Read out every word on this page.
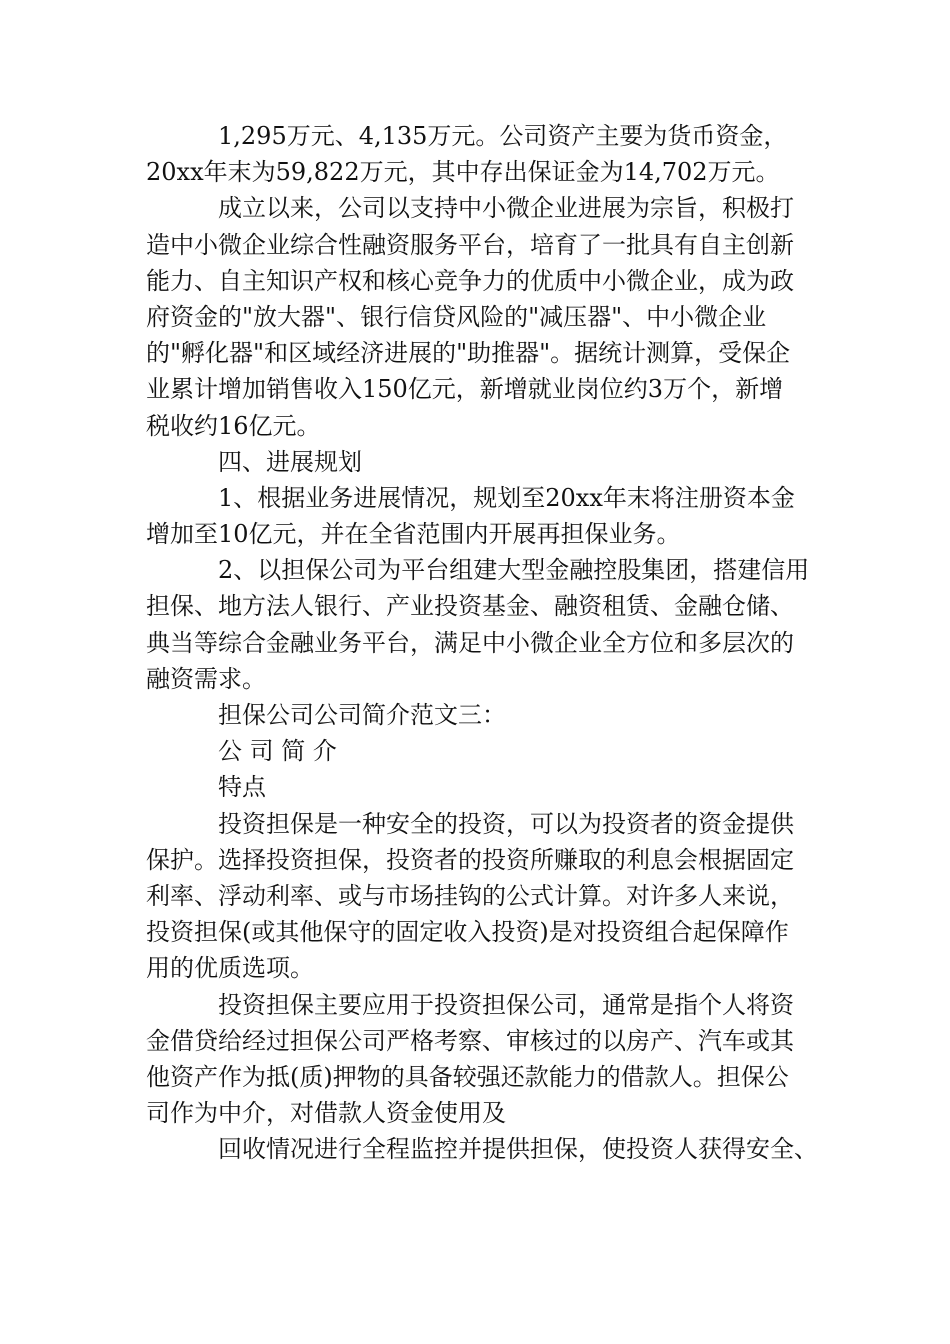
1,295万元、4,135万元。公司资产主要为货币资金，
20xx年末为59,822万元，其中存出保证金为14,702万元。
成立以来，公司以支持中小微企业进展为宗旨，积极打
造中小微企业综合性融资服务平台，培育了一批具有自主创新
能力、自主知识产权和核心竞争力的优质中小微企业，成为政
府资金的"放大器"、银行信贷风险的"减压器"、中小微企业
的"孵化器"和区域经济进展的"助推器"。据统计测算，受保企
业累计增加销售收入150亿元，新增就业岗位约3万个，新增
税收约16亿元。
四、进展规划
1、根据业务进展情况，规划至20xx年末将注册资本金
增加至10亿元，并在全省范围内开展再担保业务。
2、以担保公司为平台组建大型金融控股集团，搭建信用
担保、地方法人银行、产业投资基金、融资租赁、金融仓储、
典当等综合金融业务平台，满足中小微企业全方位和多层次的
融资需求。
担保公司公司简介范文三：
公 司 简 介
特点
投资担保是一种安全的投资，可以为投资者的资金提供
保护。选择投资担保，投资者的投资所赚取的利息会根据固定
利率、浮动利率、或与市场挂钩的公式计算。对许多人来说，
投资担保(或其他保守的固定收入投资)是对投资组合起保障作
用的优质选项。
投资担保主要应用于投资担保公司，通常是指个人将资
金借贷给经过担保公司严格考察、审核过的以房产、汽车或其
他资产作为抵(质)押物的具备较强还款能力的借款人。担保公
司作为中介，对借款人资金使用及
回收情况进行全程监控并提供担保，使投资人获得安全、
